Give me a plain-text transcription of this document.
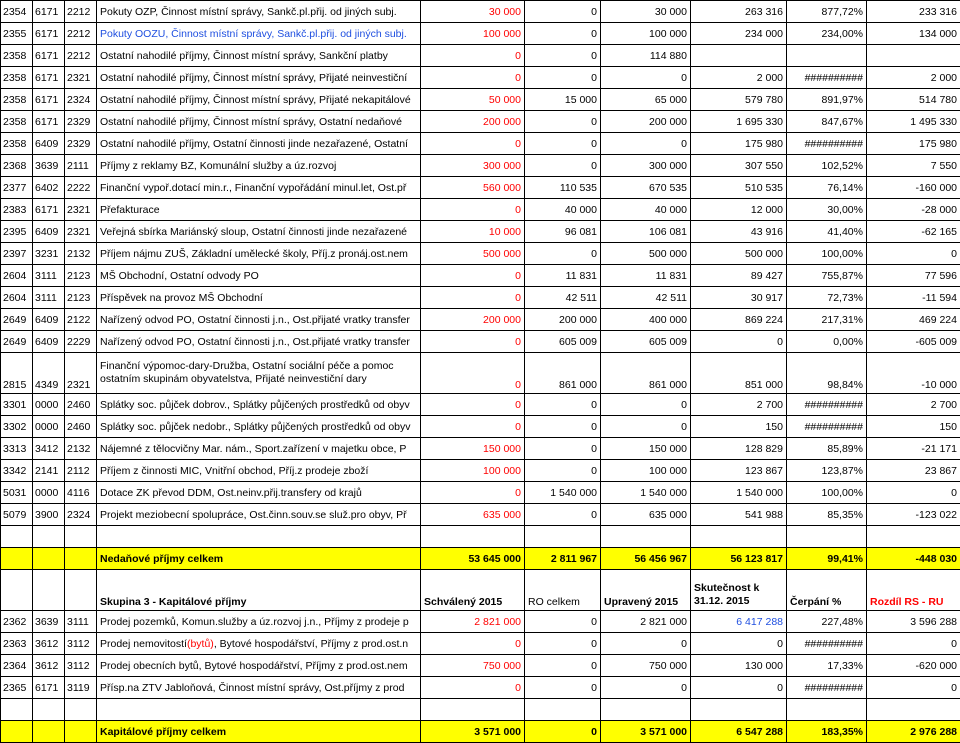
2354	6171	2212	Pokuty OZP, Činnost místní správy, Sankč.pl.přij. od jiných subj.	30 000	0	30 000	263 316	877,72%	233 316
2355	6171	2212	Pokuty OOZU, Činnost místní správy, Sankč.pl.přij. od jiných subj.	100 000	0	100 000	234 000	234,00%	134 000
2358	6171	2212	Ostatní nahodilé příjmy, Činnost místní správy, Sankční platby	0	0	114 880			
2358	6171	2321	Ostatní nahodilé příjmy, Činnost místní správy, Přijaté neinvestiční	0	0	0	2 000	##########	2 000
2358	6171	2324	Ostatní nahodilé příjmy, Činnost místní správy, Přijaté nekapitálové	50 000	15 000	65 000	579 780	891,97%	514 780
2358	6171	2329	Ostatní nahodilé příjmy, Činnost místní správy, Ostatní nedaňové	200 000	0	200 000	1 695 330	847,67%	1 495 330
2358	6409	2329	Ostatní nahodilé příjmy, Ostatní činnosti jinde nezařazené, Ostatní	0	0	0	175 980	##########	175 980
2368	3639	2111	Příjmy z reklamy BZ, Komunální služby a úz.rozvoj	300 000	0	300 000	307 550	102,52%	7 550
2377	6402	2222	Finanční vypoř.dotací min.r., Finanční vypořádání minul.let, Ost.př	560 000	110 535	670 535	510 535	76,14%	-160 000
2383	6171	2321	Přefakturace	0	40 000	40 000	12 000	30,00%	-28 000
2395	6409	2321	Veřejná sbírka Mariánský sloup, Ostatní činnosti jinde nezařazené	10 000	96 081	106 081	43 916	41,40%	-62 165
2397	3231	2132	Příjem nájmu ZUŠ, Základní umělecké školy, Příj.z pronáj.ost.nem	500 000	0	500 000	500 000	100,00%	0
2604	3111	2123	MŠ Obchodní, Ostatní odvody PO	0	11 831	11 831	89 427	755,87%	77 596
2604	3111	2123	Příspěvek na provoz MŠ Obchodní	0	42 511	42 511	30 917	72,73%	-11 594
2649	6409	2122	Nařízený odvod PO, Ostatní činnosti j.n., Ost.přijaté vratky transfer	200 000	200 000	400 000	869 224	217,31%	469 224
2649	6409	2229	Nařízený odvod PO, Ostatní činnosti j.n., Ost.přijaté vratky transfer	0	605 009	605 009	0	0,00%	-605 009
2815	4349	2321	Finanční výpomoc-dary-Družba, Ostatní sociální péče a pomoc
ostatním skupinám obyvatelstva, Přijaté neinvestiční dary	0	861 000	861 000	851 000	98,84%	-10 000
3301	0000	2460	Splátky soc. půjček dobrov., Splátky půjčených prostředků od obyv	0	0	0	2 700	##########	2 700
3302	0000	2460	Splátky soc. půjček nedobr., Splátky půjčených prostředků od obyv	0	0	0	150	##########	150
3313	3412	2132	Nájemné z tělocvičny Mar. nám., Sport.zařízení v majetku obce, P	150 000	0	150 000	128 829	85,89%	-21 171
3342	2141	2112	Příjem z činnosti MIC, Vnitřní obchod, Příj.z prodeje zboží	100 000	0	100 000	123 867	123,87%	23 867
5031	0000	4116	Dotace ZK převod DDM, Ost.neinv.přij.transfery od krajů	0	1 540 000	1 540 000	1 540 000	100,00%	0
5079	3900	2324	Projekt meziobecní spolupráce, Ost.činn.souv.se služ.pro obyv, Př	635 000	0	635 000	541 988	85,35%	-123 022

			Nedaňové příjmy celkem	53 645 000	2 811 967	56 456 967	56 123 817	99,41%	-448 030
			Skupina 3 - Kapitálové příjmy	Schválený 2015	RO celkem	Upravený 2015	Skutečnost k
31.12. 2015	Čerpání %	Rozdíl RS - RU
2362	3639	3111	Prodej pozemků, Komun.služby a úz.rozvoj j.n., Příjmy z prodeje p	2 821 000	0	2 821 000	6 417 288	227,48%	3 596 288
2363	3612	3112	Prodej nemovitostí(bytů), Bytové hospodářství, Příjmy z prod.ost.n	0	0	0	0	##########	0
2364	3612	3112	Prodej obecních bytů, Bytové hospodářství, Příjmy z prod.ost.nem	750 000	0	750 000	130 000	17,33%	-620 000
2365	6171	3119	Přísp.na ZTV Jabloňová, Činnost místní správy, Ost.příjmy z prod	0	0	0	0	##########	0

			Kapitálové příjmy celkem	3 571 000	0	3 571 000	6 547 288	183,35%	2 976 288
